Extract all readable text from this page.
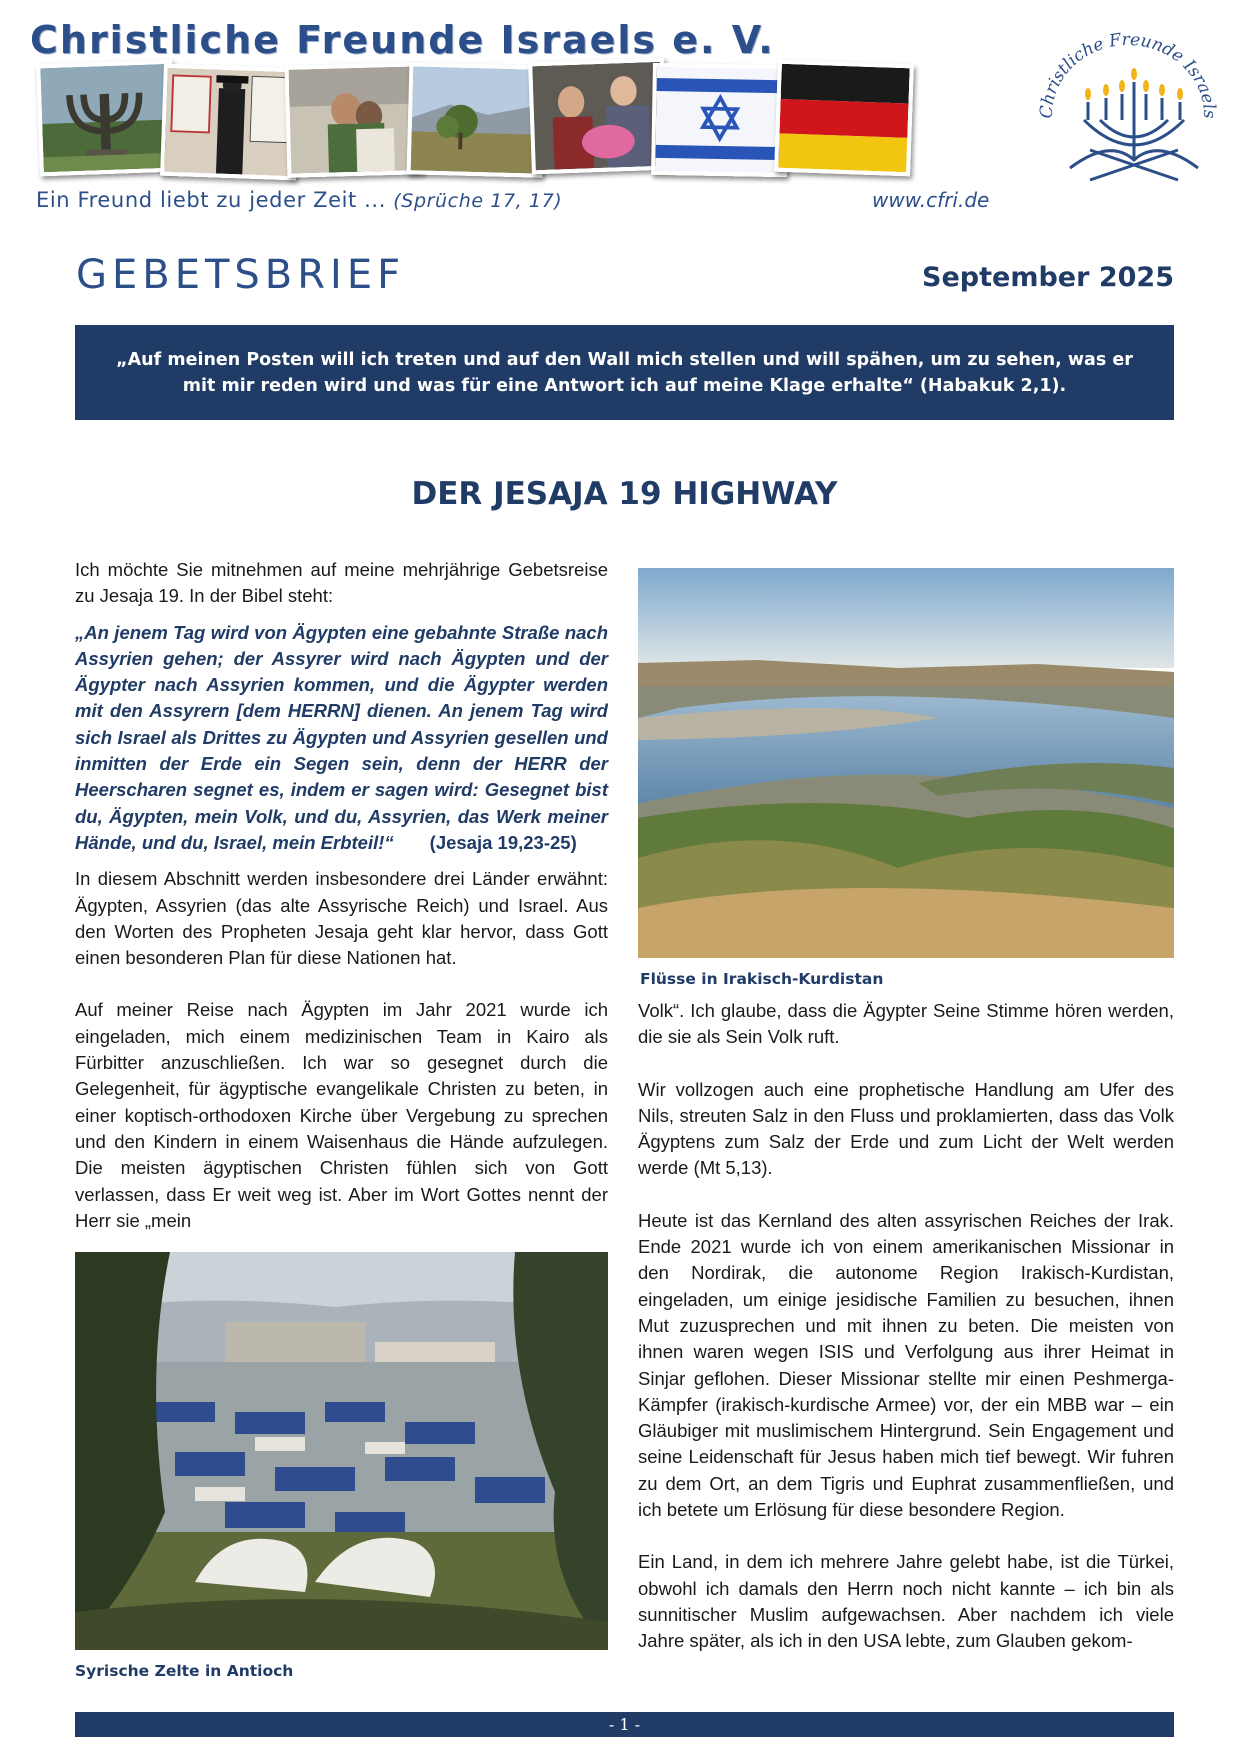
Christliche Freunde Israels e. V.
Ein Freund liebt zu jeder Zeit ... (Sprüche 17, 17)	www.cfri.de
Christliche Freunde Israels
GEBETSBRIEF	September 2025
„Auf meinen Posten will ich treten und auf den Wall mich stellen und will spähen, um zu sehen, was er mit mir reden wird und was für eine Antwort ich auf meine Klage erhalte“ (Habakuk 2,1).
DER JESAJA 19 HIGHWAY

Ich möchte Sie mitnehmen auf meine mehrjährige Gebetsreise zu Jesaja 19. In der Bibel steht:

„An jenem Tag wird von Ägypten eine gebahnte Straße nach Assyrien gehen; der Assyrer wird nach Ägypten und der Ägypter nach Assyrien kommen, und die Ägypter werden mit den Assyrern [dem HERRN] dienen. An jenem Tag wird sich Israel als Drittes zu Ägypten und Assyrien gesellen und inmitten der Erde ein Segen sein, denn der HERR der Heerscharen segnet es, indem er sagen wird: Gesegnet bist du, Ägypten, mein Volk, und du, Assyrien, das Werk meiner Hände, und du, Israel, mein Erbteil!“ (Jesaja 19,23-25)

In diesem Abschnitt werden insbesondere drei Länder erwähnt: Ägypten, Assyrien (das alte Assyrische Reich) und Israel. Aus den Worten des Propheten Jesaja geht klar hervor, dass Gott einen besonderen Plan für diese Nationen hat.

Auf meiner Reise nach Ägypten im Jahr 2021 wurde ich eingeladen, mich einem medizinischen Team in Kairo als Fürbitter anzuschließen. Ich war so gesegnet durch die Gelegenheit, für ägyptische evangelikale Christen zu beten, in einer koptisch-orthodoxen Kirche über Vergebung zu sprechen und den Kindern in einem Waisenhaus die Hände aufzulegen. Die meisten ägyptischen Christen fühlen sich von Gott verlassen, dass Er weit weg ist. Aber im Wort Gottes nennt der Herr sie „mein

Flüsse in Irakisch-Kurdistan
Syrische Zelte in Antioch

Volk“. Ich glaube, dass die Ägypter Seine Stimme hören werden, die sie als Sein Volk ruft.

Wir vollzogen auch eine prophetische Handlung am Ufer des Nils, streuten Salz in den Fluss und proklamierten, dass das Volk Ägyptens zum Salz der Erde und zum Licht der Welt werden werde (Mt 5,13).

Heute ist das Kernland des alten assyrischen Reiches der Irak. Ende 2021 wurde ich von einem amerikanischen Missionar in den Nordirak, die autonome Region Irakisch-Kurdistan, eingeladen, um einige jesidische Familien zu besuchen, ihnen Mut zuzusprechen und mit ihnen zu beten. Die meisten von ihnen waren wegen ISIS und Verfolgung aus ihrer Heimat in Sinjar geflohen. Dieser Missionar stellte mir einen Peshmerga-Kämpfer (irakisch-kurdische Armee) vor, der ein MBB war – ein Gläubiger mit muslimischem Hintergrund. Sein Engagement und seine Leidenschaft für Jesus haben mich tief bewegt. Wir fuhren zu dem Ort, an dem Tigris und Euphrat zusammenfließen, und ich betete um Erlösung für diese besondere Region.

Ein Land, in dem ich mehrere Jahre gelebt habe, ist die Türkei, obwohl ich damals den Herrn noch nicht kannte – ich bin als sunnitischer Muslim aufgewachsen. Aber nachdem ich viele Jahre später, als ich in den USA lebte, zum Glauben gekom-

- 1 -
